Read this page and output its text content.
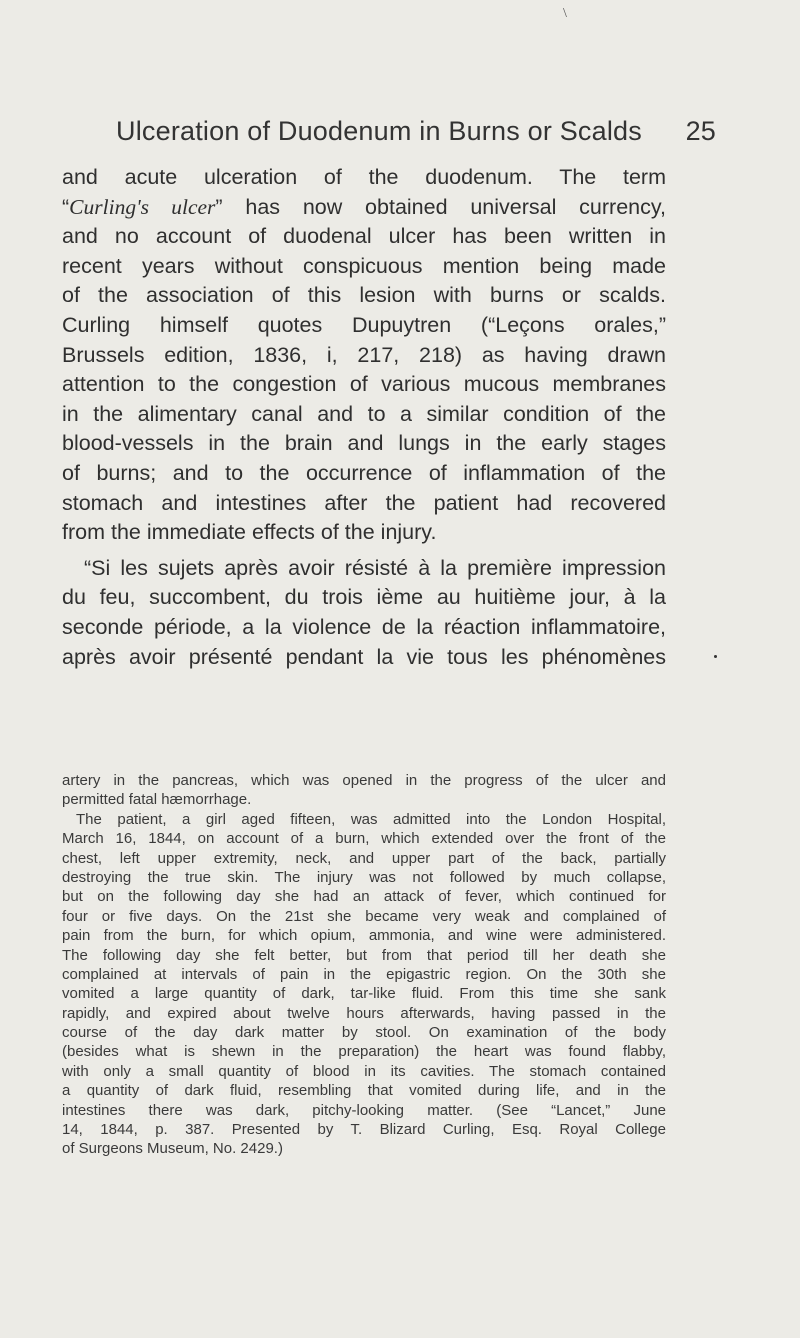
\
Ulceration of Duodenum in Burns or Scalds 25
and acute ulceration of the duodenum. The term
“Curling's ulcer” has now obtained universal currency,
and no account of duodenal ulcer has been written in
recent years without conspicuous mention being made
of the association of this lesion with burns or scalds.
Curling himself quotes Dupuytren (“Leçons orales,”
Brussels edition, 1836, i, 217, 218) as having drawn
attention to the congestion of various mucous membranes
in the alimentary canal and to a similar condition of the
blood-vessels in the brain and lungs in the early stages
of burns; and to the occurrence of inflammation of the
stomach and intestines after the patient had recovered
from the immediate effects of the injury.
“Si les sujets après avoir résisté à la première impression
du feu, succombent, du trois ième au huitième jour, à la
seconde période, a la violence de la réaction inflammatoire,
après avoir présenté pendant la vie tous les phénomènes
artery in the pancreas, which was opened in the progress of the ulcer and
permitted fatal hæmorrhage.
The patient, a girl aged fifteen, was admitted into the London Hospital,
March 16, 1844, on account of a burn, which extended over the front of the
chest, left upper extremity, neck, and upper part of the back, partially
destroying the true skin. The injury was not followed by much collapse,
but on the following day she had an attack of fever, which continued for
four or five days. On the 21st she became very weak and complained of
pain from the burn, for which opium, ammonia, and wine were administered.
The following day she felt better, but from that period till her death she
complained at intervals of pain in the epigastric region. On the 30th she
vomited a large quantity of dark, tar-like fluid. From this time she sank
rapidly, and expired about twelve hours afterwards, having passed in the
course of the day dark matter by stool. On examination of the body
(besides what is shewn in the preparation) the heart was found flabby,
with only a small quantity of blood in its cavities. The stomach contained
a quantity of dark fluid, resembling that vomited during life, and in the
intestines there was dark, pitchy-looking matter. (See “Lancet,” June
14, 1844, p. 387. Presented by T. Blizard Curling, Esq. Royal College
of Surgeons Museum, No. 2429.)
